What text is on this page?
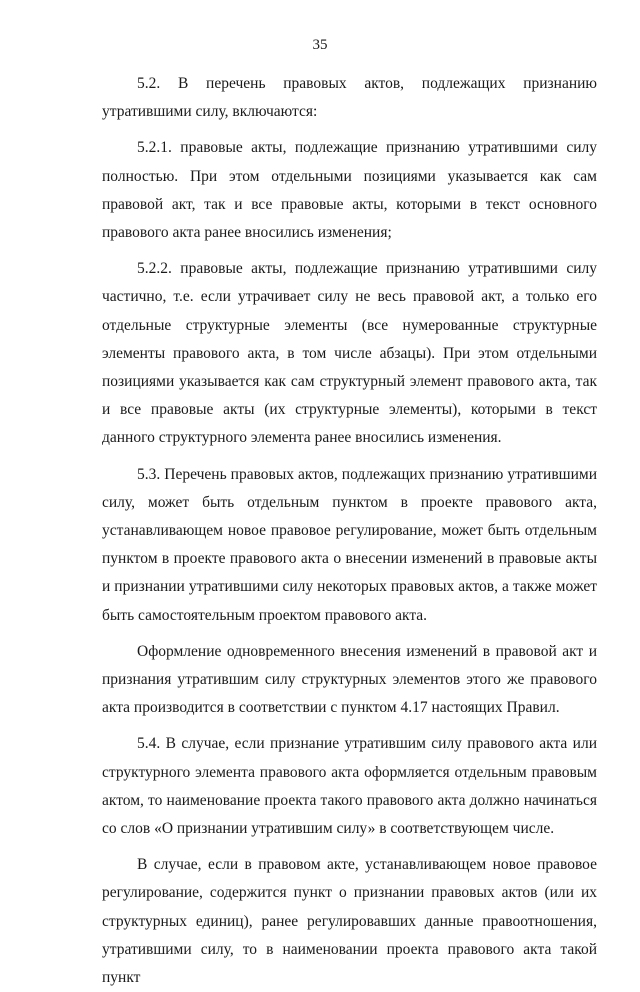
35

5.2. В перечень правовых актов, подлежащих признанию утратившими силу, включаются:

5.2.1. правовые акты, подлежащие признанию утратившими силу полностью. При этом отдельными позициями указывается как сам правовой акт, так и все правовые акты, которыми в текст основного правового акта ранее вносились изменения;

5.2.2. правовые акты, подлежащие признанию утратившими силу частично, т.е. если утрачивает силу не весь правовой акт, а только его отдельные структурные элементы (все нумерованные структурные элементы правового акта, в том числе абзацы). При этом отдельными позициями указывается как сам структурный элемент правового акта, так и все правовые акты (их структурные элементы), которыми в текст данного структурного элемента ранее вносились изменения.

5.3. Перечень правовых актов, подлежащих признанию утратившими силу, может быть отдельным пунктом в проекте правового акта, устанавливающем новое правовое регулирование, может быть отдельным пунктом в проекте правового акта о внесении изменений в правовые акты и признании утратившими силу некоторых правовых актов, а также может быть самостоятельным проектом правового акта.

Оформление одновременного внесения изменений в правовой акт и признания утратившим силу структурных элементов этого же правового акта производится в соответствии с пунктом 4.17 настоящих Правил.

5.4. В случае, если признание утратившим силу правового акта или структурного элемента правового акта оформляется отдельным правовым актом, то наименование проекта такого правового акта должно начинаться со слов «О признании утратившим силу» в соответствующем числе.

В случае, если в правовом акте, устанавливающем новое правовое регулирование, содержится пункт о признании правовых актов (или их структурных единиц), ранее регулировавших данные правоотношения, утратившими силу, то в наименовании проекта правового акта такой пункт
